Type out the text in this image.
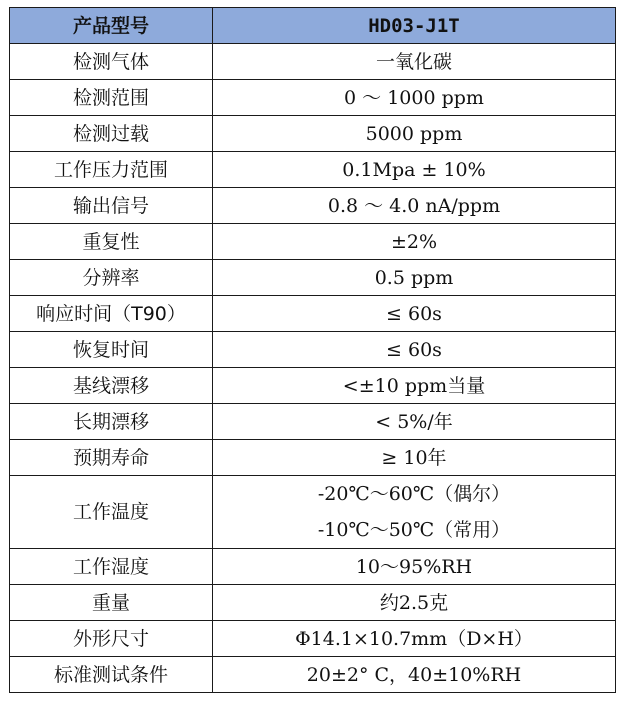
产品型号	HD03-J1T
检测气体	一氧化碳
检测范围	0 ～ 1000 ppm
检测过载	5000 ppm
工作压力范围	0.1Mpa ± 10%
输出信号	0.8 ～ 4.0 nA/ppm
重复性	±2%
分辨率	0.5 ppm
响应时间（T90）	≤ 60s
恢复时间	≤ 60s
基线漂移	<±10 ppm当量
长期漂移	< 5%/年
预期寿命	≥ 10年
工作温度	-20℃～60℃（偶尔）
-10℃～50℃（常用）

工作湿度	10～95%RH
重量	约2.5克
外形尺寸	Φ14.1×10.7mm（D×H）
标准测试条件	20±2° C，40±10%RH
